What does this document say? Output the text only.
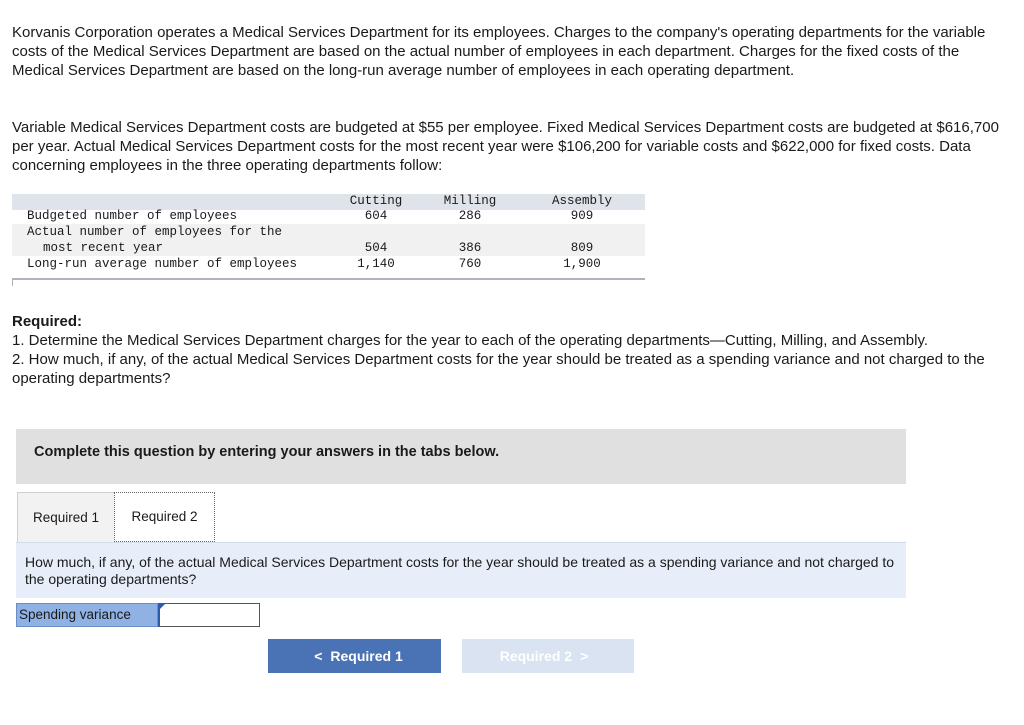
Korvanis Corporation operates a Medical Services Department for its employees. Charges to the company's operating departments for the variable costs of the Medical Services Department are based on the actual number of employees in each department. Charges for the fixed costs of the Medical Services Department are based on the long-run average number of employees in each operating department.

Variable Medical Services Department costs are budgeted at $55 per employee. Fixed Medical Services Department costs are budgeted at $616,700 per year. Actual Medical Services Department costs for the most recent year were $106,200 for variable costs and $622,000 for fixed costs. Data concerning employees in the three operating departments follow:

Cutting	Milling	Assembly
Budgeted number of employees	604	286	909
Actual number of employees for the
most recent year	504	386	809
Long-run average number of employees	1,140	760	1,900

Required:

1. Determine the Medical Services Department charges for the year to each of the operating departments—Cutting, Milling, and Assembly.

2. How much, if any, of the actual Medical Services Department costs for the year should be treated as a spending variance and not charged to the operating departments?

Complete this question by entering your answers in the tabs below.
Required 1	Required 2
How much, if any, of the actual Medical Services Department costs for the year should be treated as a spending variance and not charged to the operating departments?
Spending variance
< Required 1	Required 2 >
